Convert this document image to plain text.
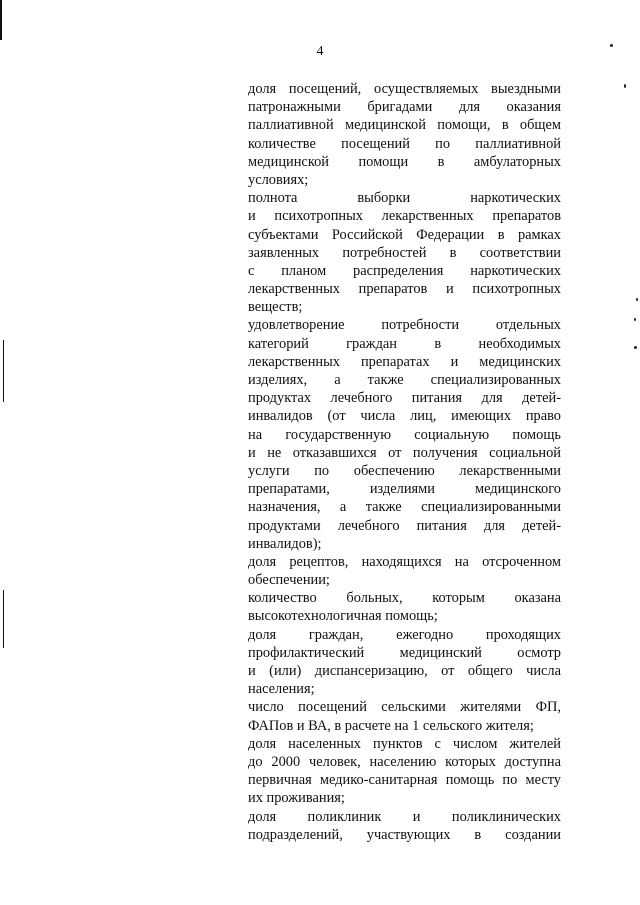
4
доля посещений, осуществляемых выездными
патронажными бригадами для оказания
паллиативной медицинской помощи, в общем
количестве посещений по паллиативной
медицинской помощи в амбулаторных
условиях;
полнота выборки наркотических
и психотропных лекарственных препаратов
субъектами Российской Федерации в рамках
заявленных потребностей в соответствии
с планом распределения наркотических
лекарственных препаратов и психотропных
веществ;
удовлетворение потребности отдельных
категорий граждан в необходимых
лекарственных препаратах и медицинских
изделиях, а также специализированных
продуктах лечебного питания для детей-
инвалидов (от числа лиц, имеющих право
на государственную социальную помощь
и не отказавшихся от получения социальной
услуги по обеспечению лекарственными
препаратами, изделиями медицинского
назначения, а также специализированными
продуктами лечебного питания для детей-
инвалидов);
доля рецептов, находящихся на отсроченном
обеспечении;
количество больных, которым оказана
высокотехнологичная помощь;
доля граждан, ежегодно проходящих
профилактический медицинский осмотр
и (или) диспансеризацию, от общего числа
населения;
число посещений сельскими жителями ФП,
ФАПов и ВА, в расчете на 1 сельского жителя;
доля населенных пунктов с числом жителей
до 2000 человек, населению которых доступна
первичная медико-санитарная помощь по месту
их проживания;
доля поликлиник и поликлинических
подразделений, участвующих в создании
